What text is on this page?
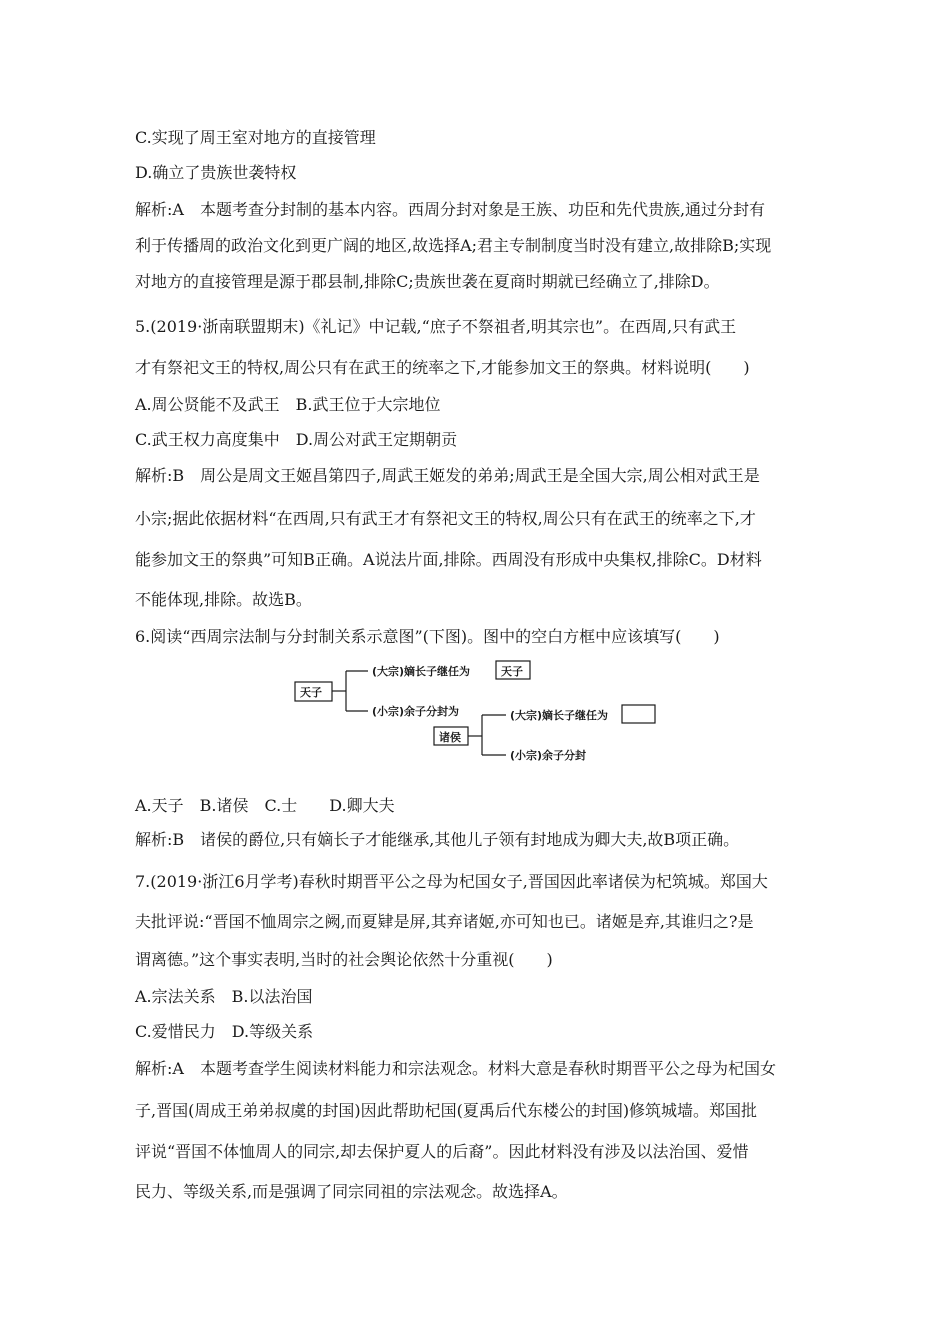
C.实现了周王室对地方的直接管理
D.确立了贵族世袭特权
解析:A　本题考查分封制的基本内容。西周分封对象是王族、功臣和先代贵族,通过分封有
利于传播周的政治文化到更广阔的地区,故选择A;君主专制制度当时没有建立,故排除B;实现
对地方的直接管理是源于郡县制,排除C;贵族世袭在夏商时期就已经确立了,排除D。
5.(2019·浙南联盟期末)《礼记》中记载,“庶子不祭祖者,明其宗也”。在西周,只有武王
才有祭祀文王的特权,周公只有在武王的统率之下,才能参加文王的祭典。材料说明(　　)
A.周公贤能不及武王　B.武王位于大宗地位
C.武王权力高度集中　D.周公对武王定期朝贡
解析:B　周公是周文王姬昌第四子,周武王姬发的弟弟;周武王是全国大宗,周公相对武王是
小宗;据此依据材料“在西周,只有武王才有祭祀文王的特权,周公只有在武王的统率之下,才
能参加文王的祭典”可知B正确。A说法片面,排除。西周没有形成中央集权,排除C。D材料
不能体现,排除。故选B。
6.阅读“西周宗法制与分封制关系示意图”(下图)。图中的空白方框中应该填写(　　)
天子
(大宗)嫡长子继任为	天子
(小宗)余子分封为
诸侯
(大宗)嫡长子继任为
(小宗)余子分封
A.天子　B.诸侯　C.士　　D.卿大夫
解析:B　诸侯的爵位,只有嫡长子才能继承,其他儿子领有封地成为卿大夫,故B项正确。
7.(2019·浙江6月学考)春秋时期晋平公之母为杞国女子,晋国因此率诸侯为杞筑城。郑国大
夫批评说:“晋国不恤周宗之阙,而夏肄是屏,其弃诸姬,亦可知也已。诸姬是弃,其谁归之?是
谓离德。”这个事实表明,当时的社会舆论依然十分重视(　　)
A.宗法关系　B.以法治国
C.爱惜民力　D.等级关系
解析:A　本题考查学生阅读材料能力和宗法观念。材料大意是春秋时期晋平公之母为杞国女
子,晋国(周成王弟弟叔虞的封国)因此帮助杞国(夏禹后代东楼公的封国)修筑城墙。郑国批
评说“晋国不体恤周人的同宗,却去保护夏人的后裔”。因此材料没有涉及以法治国、爱惜
民力、等级关系,而是强调了同宗同祖的宗法观念。故选择A。
